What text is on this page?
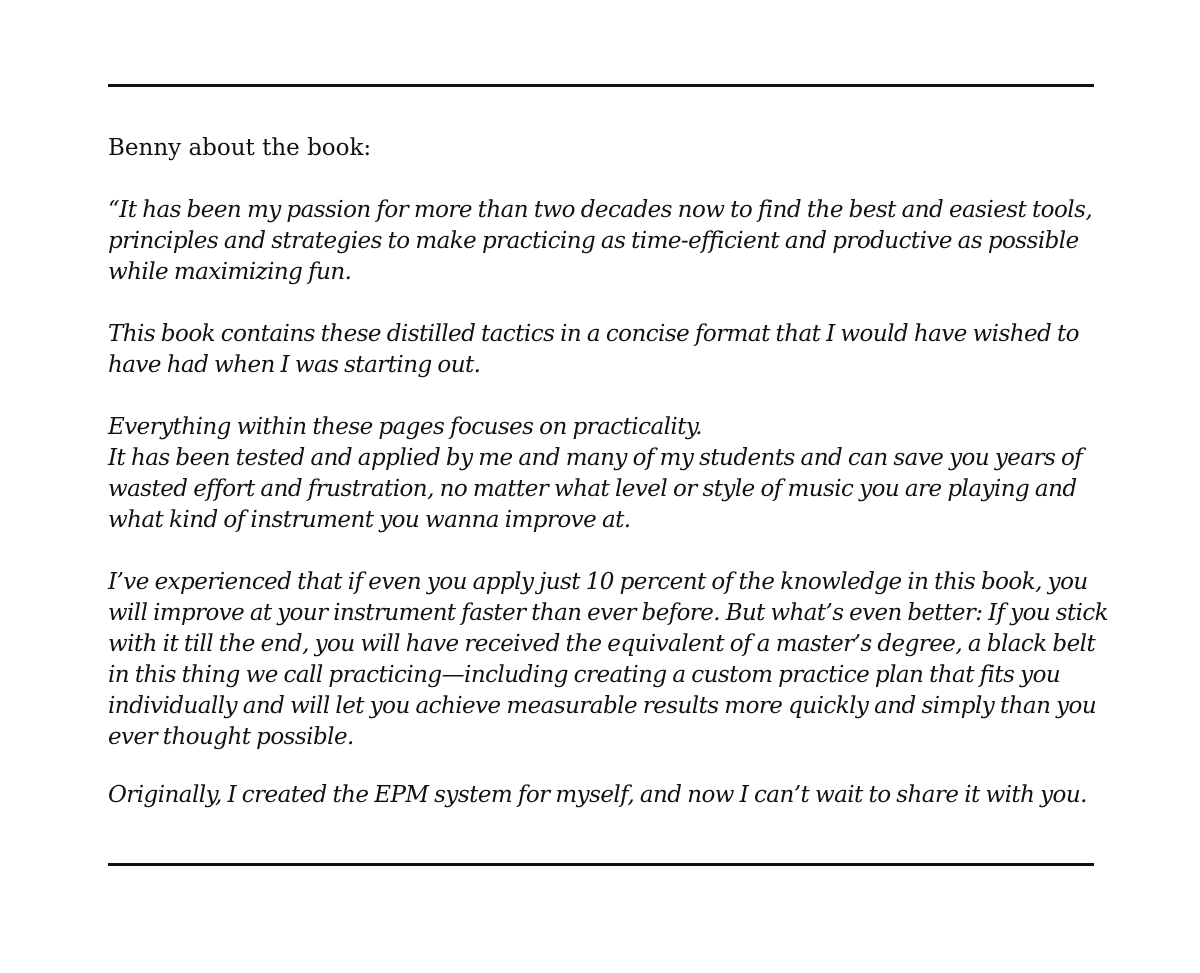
Benny about the book:
“It has been my passion for more than two decades now to find the best and easiest tools,
principles and strategies to make practicing as time-efficient and productive as possible
while maximizing fun.
This book contains these distilled tactics in a concise format that I would have wished to
have had when I was starting out.
Everything within these pages focuses on practicality.
It has been tested and applied by me and many of my students and can save you years of
wasted effort and frustration, no matter what level or style of music you are playing and
what kind of instrument you wanna improve at.
I’ve experienced that if even you apply just 10 percent of the knowledge in this book, you
will improve at your instrument faster than ever before. But what’s even better: If you stick
with it till the end, you will have received the equivalent of a master’s degree, a black belt
in this thing we call practicing—including creating a custom practice plan that fits you
individually and will let you achieve measurable results more quickly and simply than you
ever thought possible.
Originally, I created the EPM system for myself, and now I can’t wait to share it with you.
